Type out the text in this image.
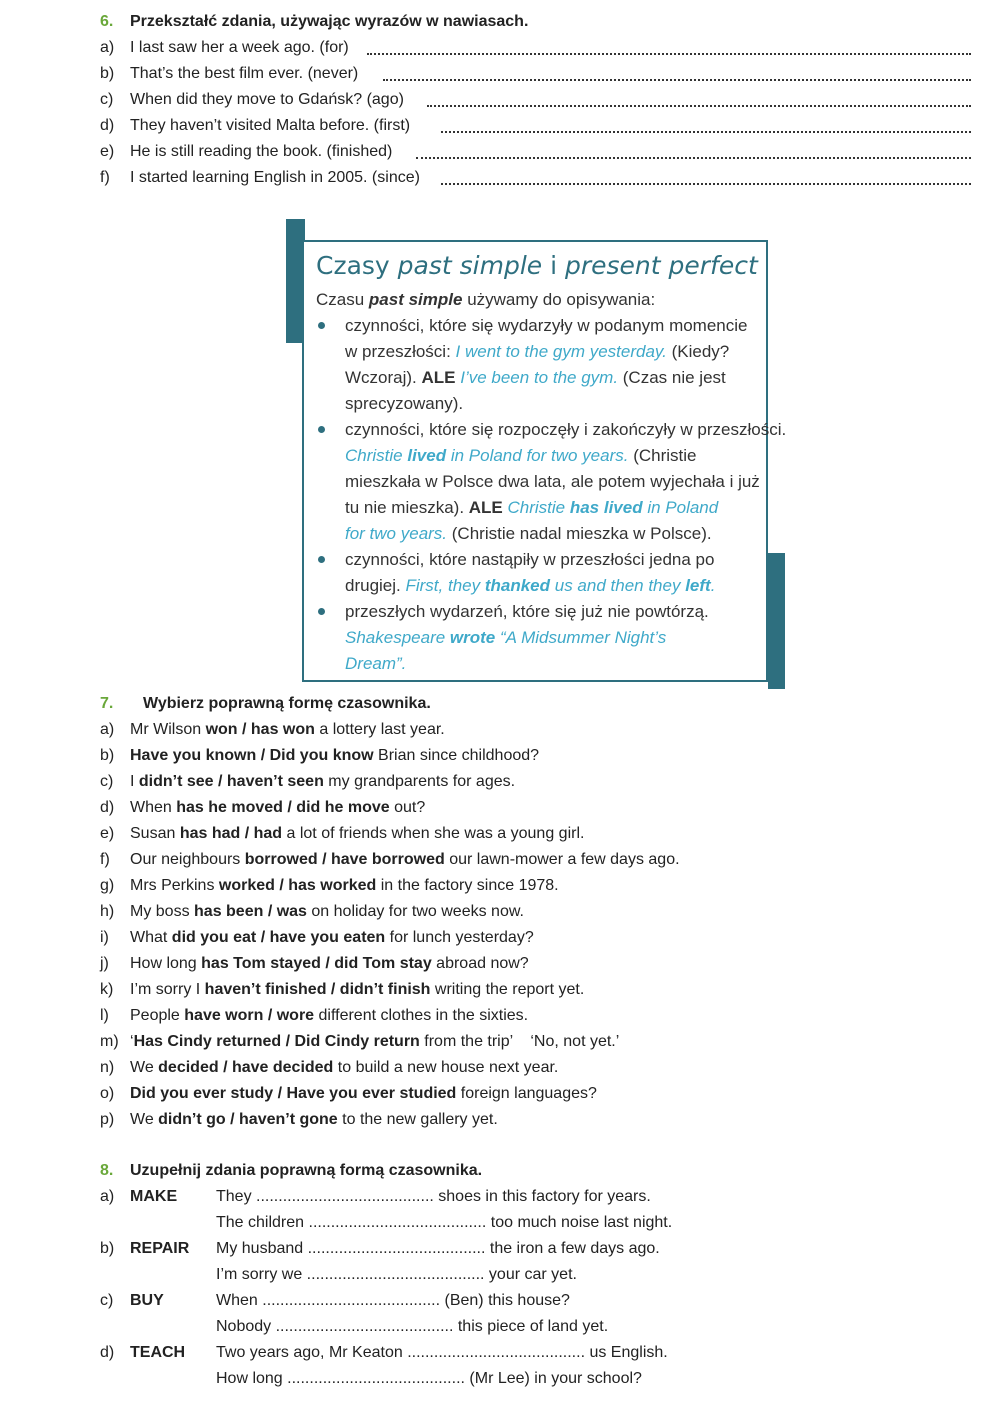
6. Przekształć zdania, używając wyrazów w nawiasach.
a) I last saw her a week ago. (for)
b) That’s the best film ever. (never)
c) When did they move to Gdańsk? (ago)
d) They haven’t visited Malta before. (first)
e) He is still reading the book. (finished)
f) I started learning English in 2005. (since)
Czasy past simple i present perfect
Czasu past simple używamy do opisywania:
czynności, które się wydarzyły w podanym momencie
w przeszłości: I went to the gym yesterday. (Kiedy?
Wczoraj). ALE I’ve been to the gym. (Czas nie jest
sprecyzowany).
czynności, które się rozpoczęły i zakończyły w przeszłości.
Christie lived in Poland for two years. (Christie
mieszkała w Polsce dwa lata, ale potem wyjechała i już
tu nie mieszka). ALE Christie has lived in Poland
for two years. (Christie nadal mieszka w Polsce).
czynności, które nastąpiły w przeszłości jedna po
drugiej. First, they thanked us and then they left.
przeszłych wydarzeń, które się już nie powtórzą.
Shakespeare wrote “A Midsummer Night’s
Dream”.
7. Wybierz poprawną formę czasownika.
a) Mr Wilson won / has won a lottery last year.
b) Have you known / Did you know Brian since childhood?
c) I didn’t see / haven’t seen my grandparents for ages.
d) When has he moved / did he move out?
e) Susan has had / had a lot of friends when she was a young girl.
f) Our neighbours borrowed / have borrowed our lawn-mower a few days ago.
g) Mrs Perkins worked / has worked in the factory since 1978.
h) My boss has been / was on holiday for two weeks now.
i) What did you eat / have you eaten for lunch yesterday?
j) How long has Tom stayed / did Tom stay abroad now?
k) I’m sorry I haven’t finished / didn’t finish writing the report yet.
l) People have worn / wore different clothes in the sixties.
m) ‘Has Cindy returned / Did Cindy return from the trip’    ‘No, not yet.’
n) We decided / have decided to build a new house next year.
o) Did you ever study / Have you ever studied foreign languages?
p) We didn’t go / haven’t gone to the new gallery yet.
8. Uzupełnij zdania poprawną formą czasownika.
a) MAKE They ........................................ shoes in this factory for years.
The children ........................................ too much noise last night.
b) REPAIR My husband ........................................ the iron a few days ago.
I’m sorry we ........................................ your car yet.
c) BUY	When ........................................ (Ben) this house?
Nobody ........................................ this piece of land yet.
d) TEACH Two years ago, Mr Keaton ........................................ us English.
How long ........................................ (Mr Lee) in your school?
